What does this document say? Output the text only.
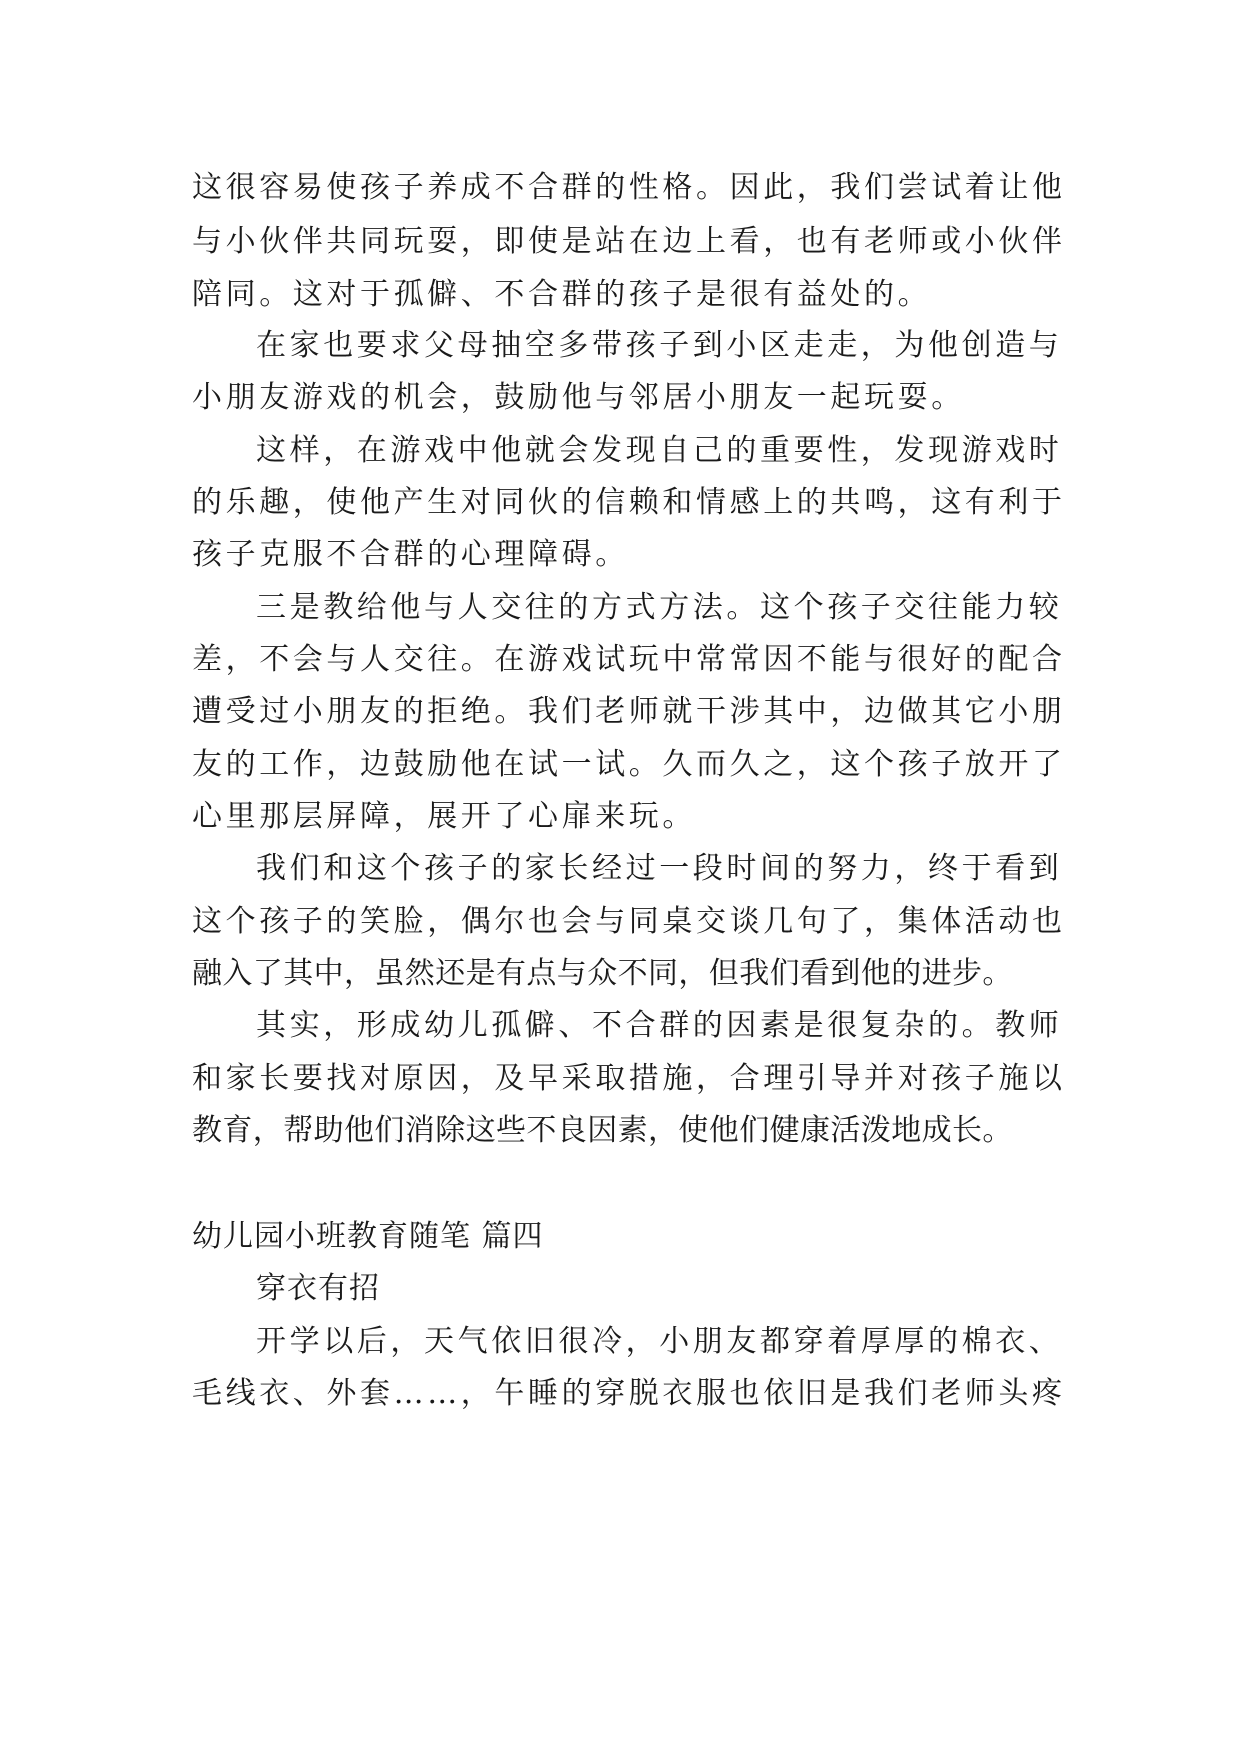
这很容易使孩子养成不合群的性格。因此，我们尝试着让他
与小伙伴共同玩耍，即使是站在边上看，也有老师或小伙伴
陪同。这对于孤僻、不合群的孩子是很有益处的。
在家也要求父母抽空多带孩子到小区走走，为他创造与
小朋友游戏的机会，鼓励他与邻居小朋友一起玩耍。
这样，在游戏中他就会发现自己的重要性，发现游戏时
的乐趣，使他产生对同伙的信赖和情感上的共鸣，这有利于
孩子克服不合群的心理障碍。
三是教给他与人交往的方式方法。这个孩子交往能力较
差，不会与人交往。在游戏试玩中常常因不能与很好的配合
遭受过小朋友的拒绝。我们老师就干涉其中，边做其它小朋
友的工作，边鼓励他在试一试。久而久之，这个孩子放开了
心里那层屏障，展开了心扉来玩。
我们和这个孩子的家长经过一段时间的努力，终于看到
这个孩子的笑脸，偶尔也会与同桌交谈几句了，集体活动也
融入了其中，虽然还是有点与众不同，但我们看到他的进步。
其实，形成幼儿孤僻、不合群的因素是很复杂的。教师
和家长要找对原因，及早采取措施，合理引导并对孩子施以
教育，帮助他们消除这些不良因素，使他们健康活泼地成长。
幼儿园小班教育随笔 篇四
穿衣有招
开学以后，天气依旧很冷，小朋友都穿着厚厚的棉衣、
毛线衣、外套……，午睡的穿脱衣服也依旧是我们老师头疼
